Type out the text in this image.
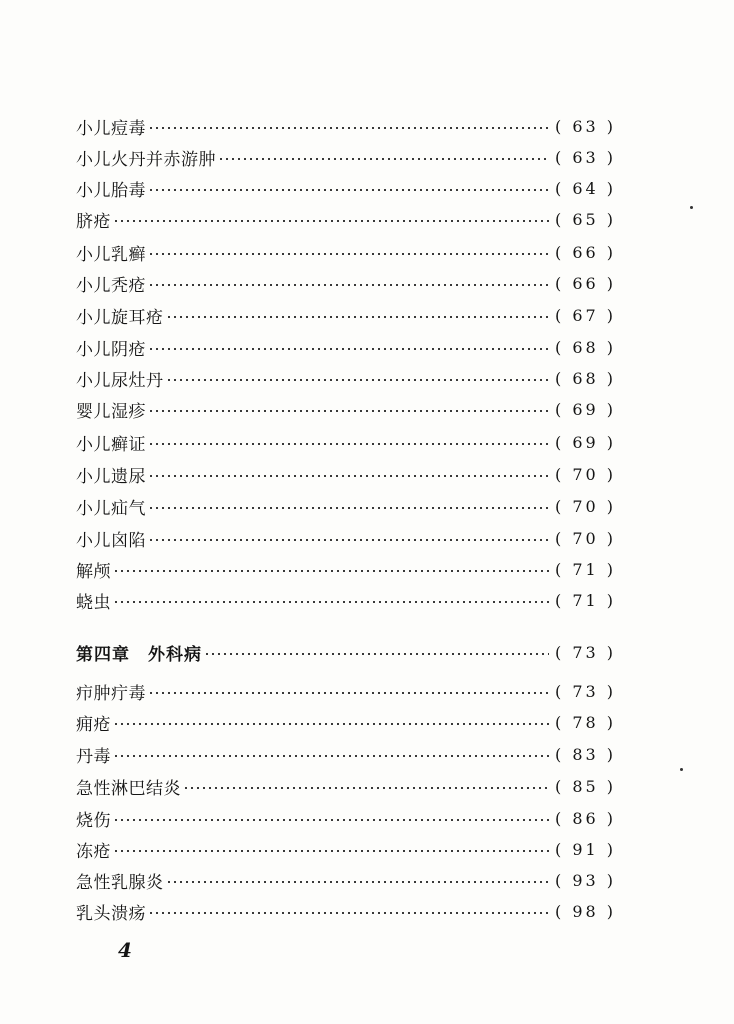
小儿痘毒	( 63 )
小儿火丹并赤游肿	( 63 )
小儿胎毒	( 64 )
脐疮	( 65 )
小儿乳癣	( 66 )
小儿秃疮	( 66 )
小儿旋耳疮	( 67 )
小儿阴疮	( 68 )
小儿尿灶丹	( 68 )
婴儿湿疹	( 69 )
小儿癣证	( 69 )
小儿遗尿	( 70 )
小儿疝气	( 70 )
小儿囟陷	( 70 )
解颅	( 71 )
蛲虫	( 71 )
第四章　外科病	( 73 )
疖肿疔毒	( 73 )
痈疮	( 78 )
丹毒	( 83 )
急性淋巴结炎	( 85 )
烧伤	( 86 )
冻疮	( 91 )
急性乳腺炎	( 93 )
乳头溃疡	( 98 )
4
